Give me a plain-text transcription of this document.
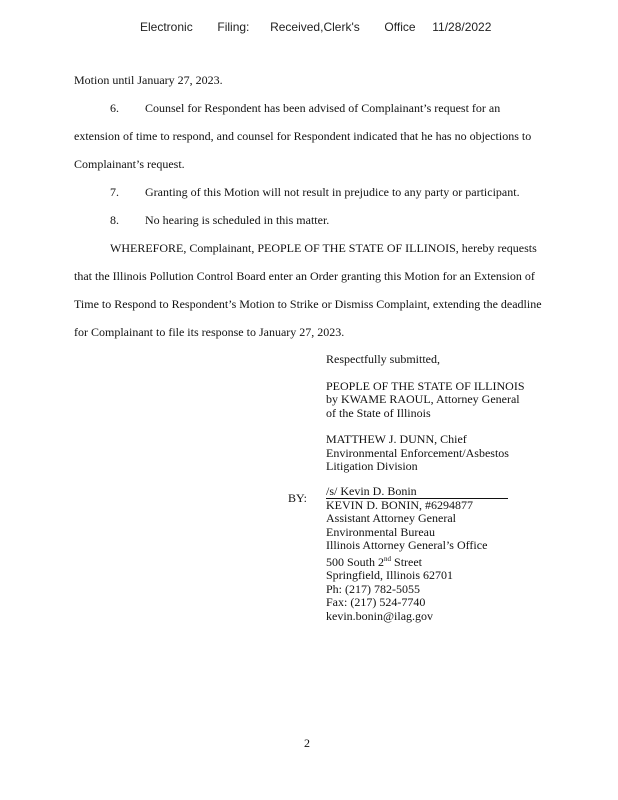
Electronic Filing: Received,Clerk's Office 11/28/2022
Motion until January 27, 2023.
6. Counsel for Respondent has been advised of Complainant’s request for an
extension of time to respond, and counsel for Respondent indicated that he has no objections to
Complainant’s request.
7. Granting of this Motion will not result in prejudice to any party or participant.
8. No hearing is scheduled in this matter.
WHEREFORE, Complainant, PEOPLE OF THE STATE OF ILLINOIS, hereby requests
that the Illinois Pollution Control Board enter an Order granting this Motion for an Extension of
Time to Respond to Respondent’s Motion to Strike or Dismiss Complaint, extending the deadline
for Complainant to file its response to January 27, 2023.
Respectfully submitted,
PEOPLE OF THE STATE OF ILLINOIS
by KWAME RAOUL, Attorney General
of the State of Illinois
MATTHEW J. DUNN, Chief
Environmental Enforcement/Asbestos
Litigation Division
/s/ Kevin D. Bonin
KEVIN D. BONIN, #6294877
Assistant Attorney General
Environmental Bureau
Illinois Attorney General’s Office
500 South 2nd Street
Springfield, Illinois 62701
Ph: (217) 782-5055
Fax: (217) 524-7740
kevin.bonin@ilag.gov
BY:
2
